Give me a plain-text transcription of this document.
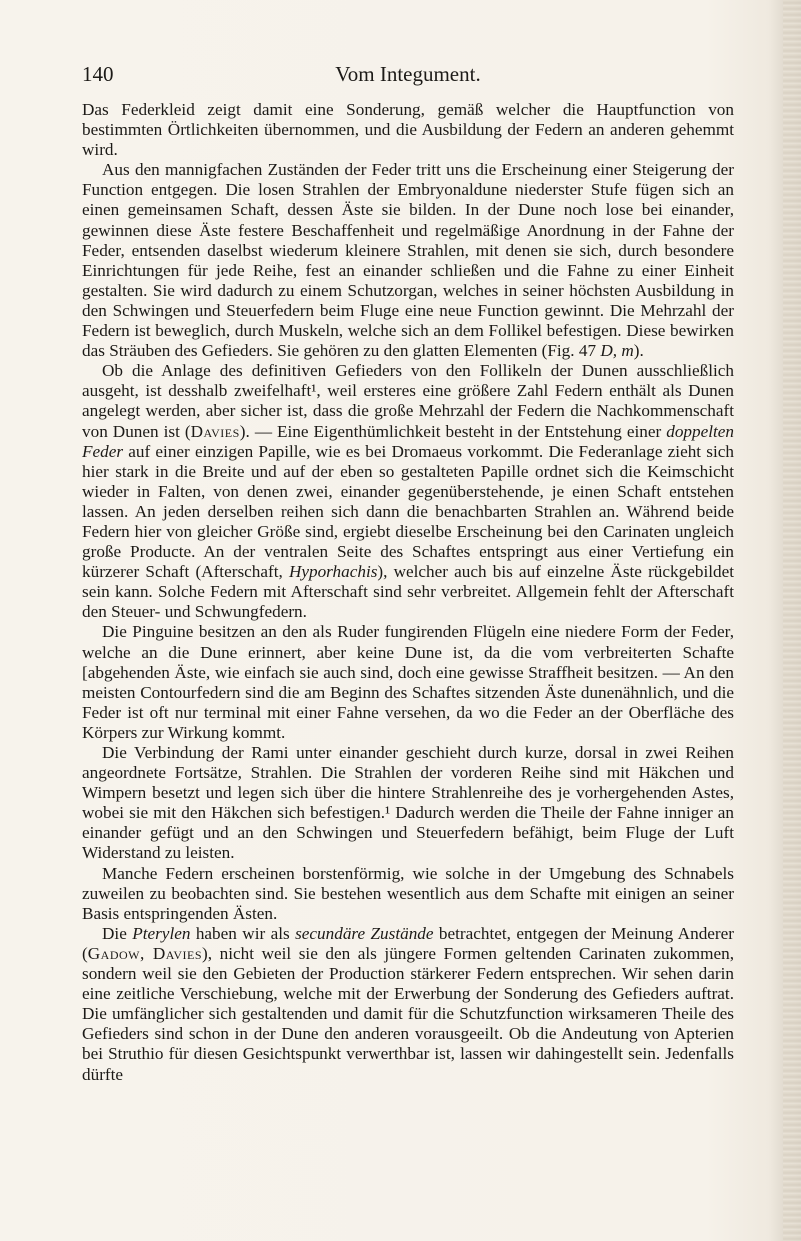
140	Vom Integument.

Das Federkleid zeigt damit eine Sonderung, gemäß welcher die Hauptfunction von bestimmten Örtlichkeiten übernommen, und die Ausbildung der Federn an anderen gehemmt wird.

Aus den mannigfachen Zuständen der Feder tritt uns die Erscheinung einer Steigerung der Function entgegen. Die losen Strahlen der Embryonaldune niederster Stufe fügen sich an einen gemeinsamen Schaft, dessen Äste sie bilden. In der Dune noch lose bei einander, gewinnen diese Äste festere Beschaffenheit und regelmäßige Anordnung in der Fahne der Feder, entsenden daselbst wiederum kleinere Strahlen, mit denen sie sich, durch besondere Einrichtungen für jede Reihe, fest an einander schließen und die Fahne zu einer Einheit gestalten. Sie wird dadurch zu einem Schutzorgan, welches in seiner höchsten Ausbildung in den Schwingen und Steuerfedern beim Fluge eine neue Function gewinnt. Die Mehrzahl der Federn ist beweglich, durch Muskeln, welche sich an dem Follikel befestigen. Diese bewirken das Sträuben des Gefieders. Sie gehören zu den glatten Elementen (Fig. 47 D, m).

Ob die Anlage des definitiven Gefieders von den Follikeln der Dunen ausschließlich ausgeht, ist desshalb zweifelhaft¹, weil ersteres eine größere Zahl Federn enthält als Dunen angelegt werden, aber sicher ist, dass die große Mehrzahl der Federn die Nachkommenschaft von Dunen ist (Davies). — Eine Eigenthümlichkeit besteht in der Entstehung einer doppelten Feder auf einer einzigen Papille, wie es bei Dromaeus vorkommt. Die Federanlage zieht sich hier stark in die Breite und auf der eben so gestalteten Papille ordnet sich die Keimschicht wieder in Falten, von denen zwei, einander gegenüberstehende, je einen Schaft entstehen lassen. An jeden derselben reihen sich dann die benachbarten Strahlen an. Während beide Federn hier von gleicher Größe sind, ergiebt dieselbe Erscheinung bei den Carinaten ungleich große Producte. An der ventralen Seite des Schaftes entspringt aus einer Vertiefung ein kürzerer Schaft (Afterschaft, Hyporhachis), welcher auch bis auf einzelne Äste rückgebildet sein kann. Solche Federn mit Afterschaft sind sehr verbreitet. Allgemein fehlt der Afterschaft den Steuer- und Schwungfedern.

Die Pinguine besitzen an den als Ruder fungirenden Flügeln eine niedere Form der Feder, welche an die Dune erinnert, aber keine Dune ist, da die vom verbreiterten Schafte [abgehenden Äste, wie einfach sie auch sind, doch eine gewisse Straffheit besitzen. — An den meisten Contourfedern sind die am Beginn des Schaftes sitzenden Äste dunenähnlich, und die Feder ist oft nur terminal mit einer Fahne versehen, da wo die Feder an der Oberfläche des Körpers zur Wirkung kommt.

Die Verbindung der Rami unter einander geschieht durch kurze, dorsal in zwei Reihen angeordnete Fortsätze, Strahlen. Die Strahlen der vorderen Reihe sind mit Häkchen und Wimpern besetzt und legen sich über die hintere Strahlenreihe des je vorhergehenden Astes, wobei sie mit den Häkchen sich befestigen.¹ Dadurch werden die Theile der Fahne inniger an einander gefügt und an den Schwingen und Steuerfedern befähigt, beim Fluge der Luft Widerstand zu leisten.

Manche Federn erscheinen borstenförmig, wie solche in der Umgebung des Schnabels zuweilen zu beobachten sind. Sie bestehen wesentlich aus dem Schafte mit einigen an seiner Basis entspringenden Ästen.

Die Pterylen haben wir als secundäre Zustände betrachtet, entgegen der Meinung Anderer (Gadow, Davies), nicht weil sie den als jüngere Formen geltenden Carinaten zukommen, sondern weil sie den Gebieten der Production stärkerer Federn entsprechen. Wir sehen darin eine zeitliche Verschiebung, welche mit der Erwerbung der Sonderung des Gefieders auftrat. Die umfänglicher sich gestaltenden und damit für die Schutzfunction wirksameren Theile des Gefieders sind schon in der Dune den anderen vorausgeeilt. Ob die Andeutung von Apterien bei Struthio für diesen Gesichtspunkt verwerthbar ist, lassen wir dahingestellt sein. Jedenfalls dürfte
